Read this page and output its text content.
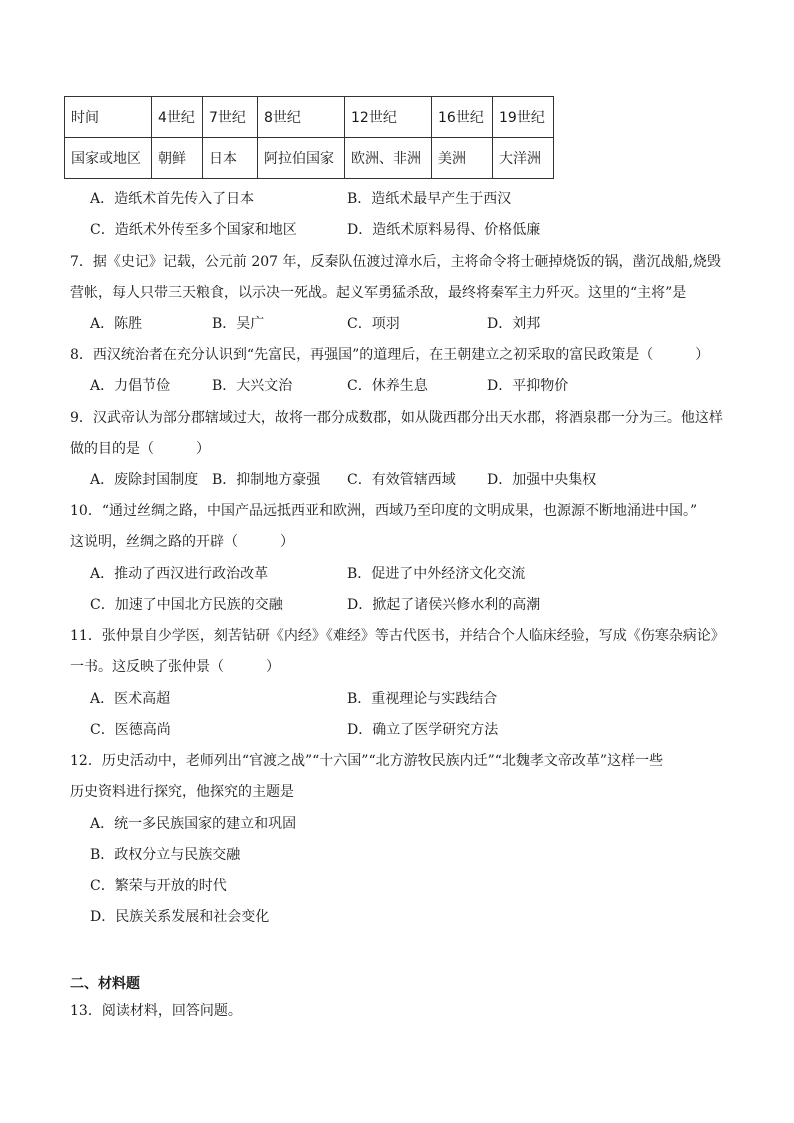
时间	4世纪	7世纪	8世纪	12世纪	16世纪	19世纪
国家或地区	朝鲜	日本	阿拉伯国家	欧洲、非洲	美洲	大洋洲
A．造纸术首先传入了日本	B．造纸术最早产生于西汉
C．造纸术外传至多个国家和地区	D．造纸术原料易得、价格低廉
7．据《史记》记载，公元前 207 年，反秦队伍渡过漳水后，主将命令将士砸掉烧饭的锅，凿沉战船,烧毁
营帐，每人只带三天粮食，以示决一死战。起义军勇猛杀敌，最终将秦军主力歼灭。这里的“主将”是
A．陈胜	B．吴广	C．项羽	D．刘邦
8．西汉统治者在充分认识到“先富民，再强国”的道理后，在王朝建立之初采取的富民政策是（　　　）
A．力倡节俭	B．大兴文治	C．休养生息	D．平抑物价
9．汉武帝认为部分郡辖域过大，故将一郡分成数郡，如从陇西郡分出天水郡，将酒泉郡一分为三。他这样
做的目的是（　　　）
A．废除封国制度 B．抑制地方豪强 C．有效管辖西域 D．加强中央集权
10．“通过丝绸之路，中国产品远抵西亚和欧洲，西域乃至印度的文明成果，也源源不断地涌进中国。”
这说明，丝绸之路的开辟（　　　）
A．推动了西汉进行政治改革	B．促进了中外经济文化交流
C．加速了中国北方民族的交融	D．掀起了诸侯兴修水利的高潮
11．张仲景自少学医，刻苦钻研《内经》《难经》等古代医书，并结合个人临床经验，写成《伤寒杂病论》
一书。这反映了张仲景（　　　）
A．医术高超	B．重视理论与实践结合
C．医德高尚	D．确立了医学研究方法
12．历史活动中，老师列出“官渡之战”“十六国”“北方游牧民族内迁”“北魏孝文帝改革”这样一些
历史资料进行探究，他探究的主题是
A．统一多民族国家的建立和巩固
B．政权分立与民族交融
C．繁荣与开放的时代
D．民族关系发展和社会变化
二、材料题
13．阅读材料，回答问题。
